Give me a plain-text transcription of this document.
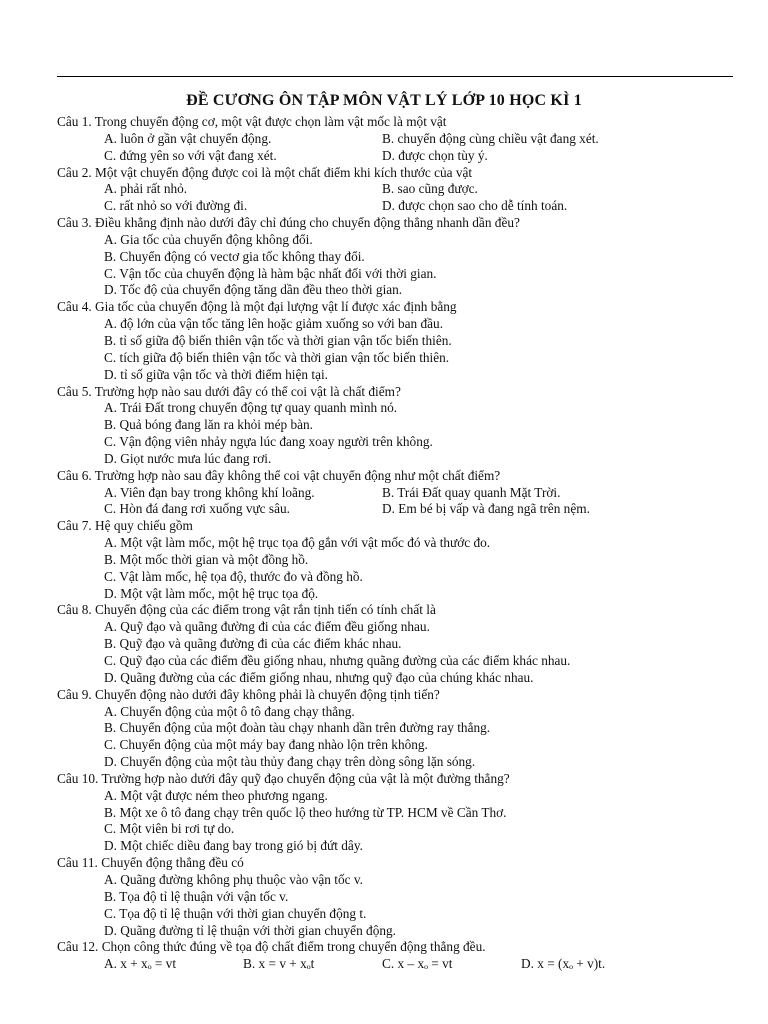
ĐỀ CƯƠNG ÔN TẬP MÔN VẬT LÝ LỚP 10 HỌC KÌ 1

Câu 1. Trong chuyển động cơ, một vật được chọn làm vật mốc là một vật

A. luôn ở gần vật chuyển động.	B. chuyển động cùng chiều vật đang xét.
C. đứng yên so với vật đang xét.	D. được chọn tùy ý.

Câu 2. Một vật chuyển động được coi là một chất điểm khi kích thước của vật

A. phải rất nhỏ.	B. sao cũng được.
C. rất nhỏ so với đường đi.	D. được chọn sao cho dễ tính toán.

Câu 3. Điều khẳng định nào dưới đây chỉ đúng cho chuyển động thẳng nhanh dần đều?

A. Gia tốc của chuyển động không đổi.

B. Chuyển động có vectơ gia tốc không thay đổi.

C. Vận tốc của chuyển động là hàm bậc nhất đối với thời gian.

D. Tốc độ của chuyển động tăng dần đều theo thời gian.

Câu 4. Gia tốc của chuyển động là một đại lượng vật lí được xác định bằng

A. độ lớn của vận tốc tăng lên hoặc giảm xuống so với ban đầu.

B. tỉ số giữa độ biến thiên vận tốc và thời gian vận tốc biến thiên.

C. tích giữa độ biến thiên vận tốc và thời gian vận tốc biến thiên.

D. tỉ số giữa vận tốc và thời điểm hiện tại.

Câu 5. Trường hợp nào sau dưới đây có thể coi vật là chất điểm?

A. Trái Đất trong chuyển động tự quay quanh mình nó.

B. Quả bóng đang lăn ra khỏi mép bàn.

C. Vận động viên nhảy ngựa lúc đang xoay người trên không.

D. Giọt nước mưa lúc đang rơi.

Câu 6. Trường hợp nào sau đây không thể coi vật chuyển động như một chất điểm?

A. Viên đạn bay trong không khí loãng.	B. Trái Đất quay quanh Mặt Trời.
C. Hòn đá đang rơi xuống vực sâu.	D. Em bé bị vấp và đang ngã trên nệm.

Câu 7. Hệ quy chiếu gồm

A. Một vật làm mốc, một hệ trục tọa độ gắn với vật mốc đó và thước đo.

B. Một mốc thời gian và một đồng hồ.

C. Vật làm mốc, hệ tọa độ, thước đo và đồng hồ.

D. Một vật làm mốc, một hệ trục tọa độ.

Câu 8. Chuyển động của các điểm trong vật rắn tịnh tiến có tính chất là

A. Quỹ đạo và quãng đường đi của các điểm đều giống nhau.

B. Quỹ đạo và quãng đường đi của các điểm khác nhau.

C. Quỹ đạo của các điểm đều giống nhau, nhưng quãng đường của các điểm khác nhau.

D. Quãng đường của các điểm giống nhau, nhưng quỹ đạo của chúng khác nhau.

Câu 9. Chuyển động nào dưới đây không phải là chuyển động tịnh tiến?

A. Chuyển động của một ô tô đang chạy thẳng.

B. Chuyển động của một đoàn tàu chạy nhanh dần trên đường ray thẳng.

C. Chuyển động của một máy bay đang nhào lộn trên không.

D. Chuyển động của một tàu thủy đang chạy trên dòng sông lặn sóng.

Câu 10. Trường hợp nào dưới đây quỹ đạo chuyển động của vật là một đường thẳng?

A. Một vật được ném theo phương ngang.

B. Một xe ô tô đang chạy trên quốc lộ theo hướng từ TP. HCM về Cần Thơ.

C. Một viên bi rơi tự do.

D. Một chiếc diều đang bay trong gió bị đứt dây.

Câu 11. Chuyển động thẳng đều có

A. Quãng đường không phụ thuộc vào vận tốc v.

B. Tọa độ tỉ lệ thuận với vận tốc v.

C. Tọa độ tỉ lệ thuận với thời gian chuyển động t.

D. Quãng đường tỉ lệ thuận với thời gian chuyển động.

Câu 12. Chọn công thức đúng về tọa độ chất điểm trong chuyển động thẳng đều.

A. x + xₒ = vt	B. x = v + xₒt	C. x – xₒ = vt	D. x = (xₒ + v)t.
